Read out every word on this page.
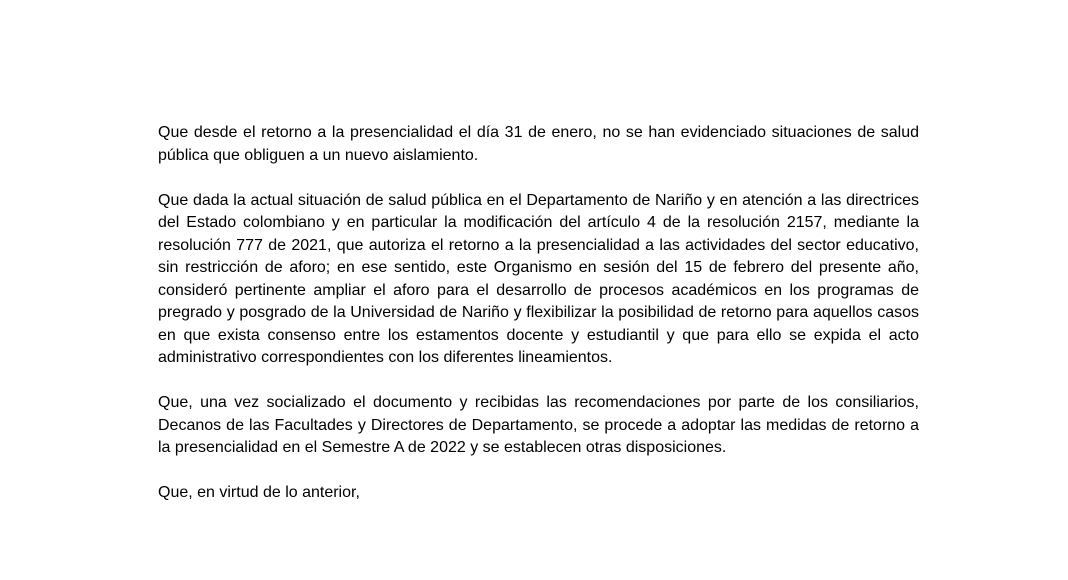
Que desde el retorno a la presencialidad el día 31 de enero, no se han evidenciado situaciones de salud pública que obliguen a un nuevo aislamiento.

Que dada la actual situación de salud pública en el Departamento de Nariño y en atención a las directrices del Estado colombiano y en particular la modificación del artículo 4 de la resolución 2157, mediante la resolución 777 de 2021, que autoriza el retorno a la presencialidad a las actividades del sector educativo, sin restricción de aforo; en ese sentido, este Organismo en sesión del 15 de febrero del presente año, consideró pertinente ampliar el aforo para el desarrollo de procesos académicos en los programas de pregrado y posgrado de la Universidad de Nariño y flexibilizar la posibilidad de retorno para aquellos casos en que exista consenso entre los estamentos docente y estudiantil y que para ello se expida el acto administrativo correspondientes con los diferentes lineamientos.

Que, una vez socializado el documento y recibidas las recomendaciones por parte de los consiliarios, Decanos de las Facultades y Directores de Departamento, se procede a adoptar las medidas de retorno a la presencialidad en el Semestre A de 2022 y se establecen otras disposiciones.

Que, en virtud de lo anterior,
